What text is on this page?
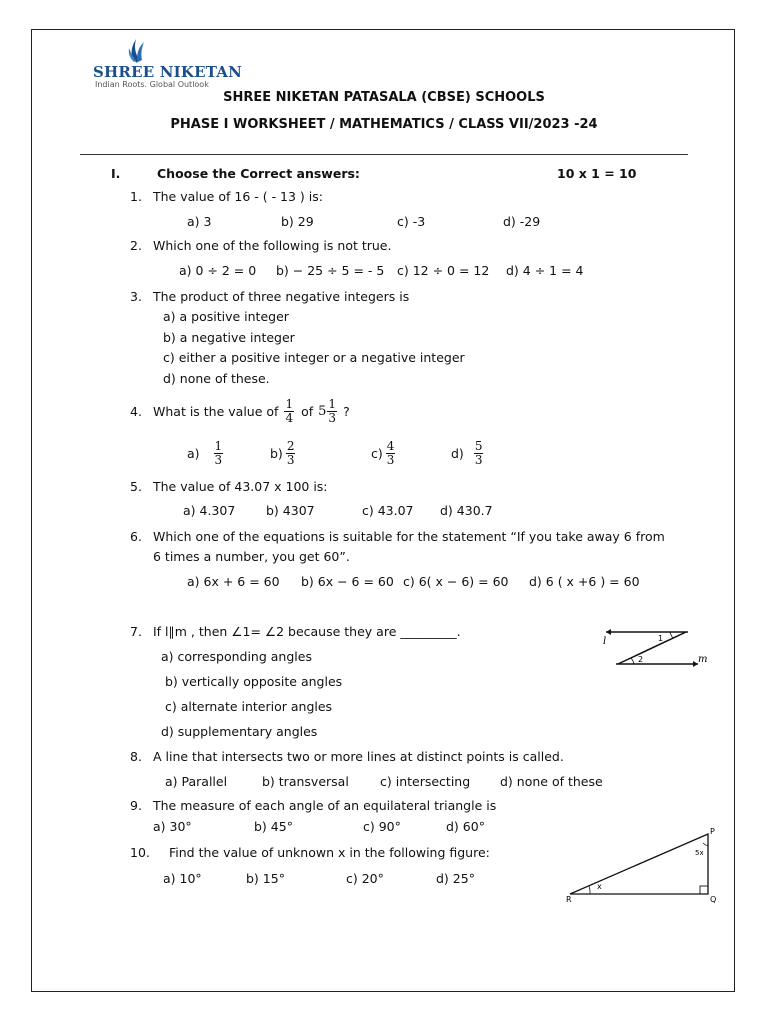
SHREE NIKETAN
Indian Roots. Global Outlook
SHREE NIKETAN PATASALA (CBSE) SCHOOLS
PHASE I WORKSHEET / MATHEMATICS / CLASS VII/2023 -24
I.	Choose the Correct answers:	10 x 1 = 10
1. The value of 16 - ( - 13 ) is:
a) 3	b) 29	c) -3	d) -29
2. Which one of the following is not true.
a) 0 ÷ 2 = 0 b) − 25 ÷ 5 = - 5 c) 12 ÷ 0 = 12 d) 4 ÷ 1 = 4
3. The product of three negative integers is
a) a positive integer
b) a negative integer
c) either a positive integer or a negative integer
d) none of these.
4. What is the value of $\frac{1}{4}$ of $5 \frac{1}{3}$ ?
$a) \frac{1}{3}$	$b) \frac{2}{3}$	$c) \frac{4}{3}$	$d) \frac{5}{3}$
5. The value of 43.07 x 100 is:
a) 4.307 b) 4307	c) 43.07 d) 430.7
6. Which one of the equations is suitable for the statement “If you take away 6 from
6 times a number, you get 60”.
a) 6x + 6 = 60 b) 6x − 6 = 60 c) 6( x − 6) = 60 d) 6 ( x +6 ) = 60
7. If l∥m , then ∠1= ∠2 because they are _________.
a) corresponding angles
b) vertically opposite angles
c) alternate interior angles
d) supplementary angles
l
m
1
2
8. A line that intersects two or more lines at distinct points is called.
a) Parallel	b) transversal c) intersecting d) none of these
9. The measure of each angle of an equilateral triangle is
a) 30°	b) 45°	c) 90°	d) 60°
10. Find the value of unknown x in the following figure:
a) 10°	b) 15°	c) 20°	d) 25°
P
Q
R
x
5x
